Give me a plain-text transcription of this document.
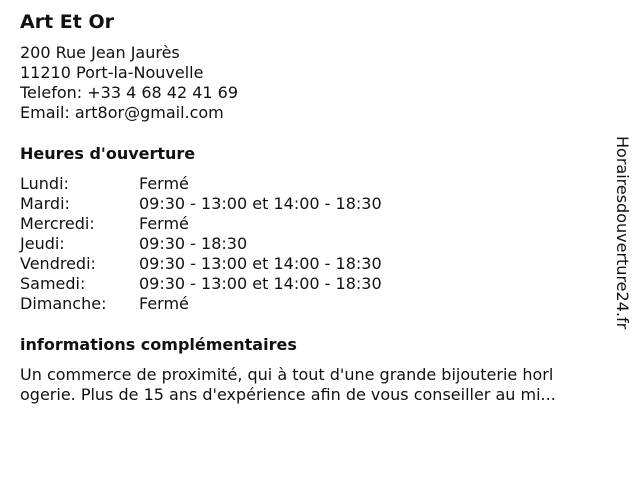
Art Et Or
200 Rue Jean Jaurès
11210 Port-la-Nouvelle
Telefon: +33 4 68 42 41 69
Email: art8or@gmail.com
Heures d'ouverture
Lundi:	Fermé
Mardi:	09:30 - 13:00 et 14:00 - 18:30
Mercredi:	Fermé
Jeudi:	09:30 - 18:30
Vendredi:	09:30 - 13:00 et 14:00 - 18:30
Samedi:	09:30 - 13:00 et 14:00 - 18:30
Dimanche:	Fermé
informations complémentaires
Un commerce de proximité, qui à tout d'une grande bijouterie horl
ogerie. Plus de 15 ans d'expérience afin de vous conseiller au mi...
Horairesdouverture24.fr
